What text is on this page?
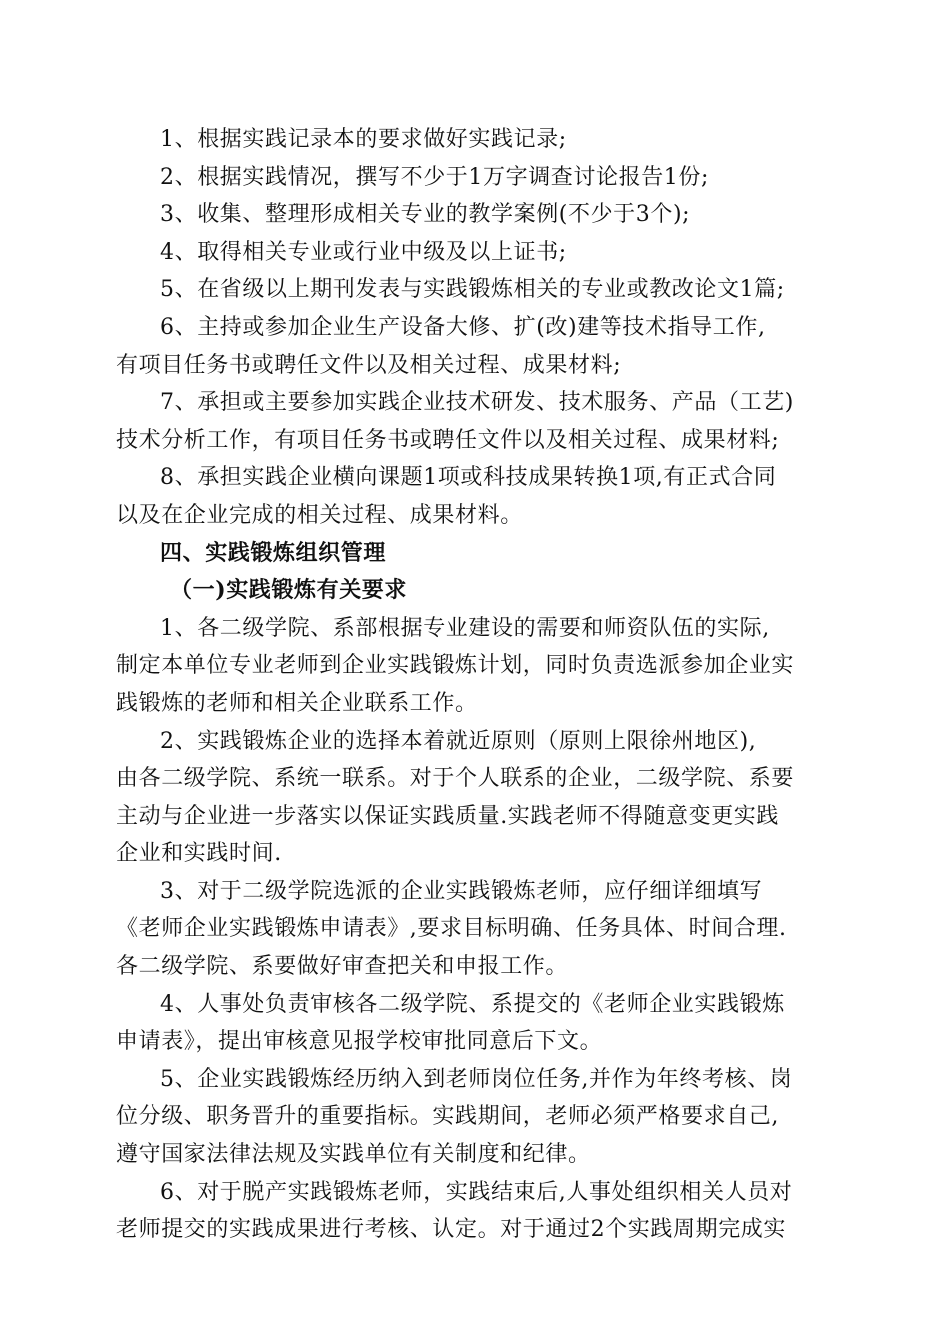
1、根据实践记录本的要求做好实践记录;
2、根据实践情况，撰写不少于1万字调查讨论报告1份;
3、收集、整理形成相关专业的教学案例(不少于3个);
4、取得相关专业或行业中级及以上证书;
5、在省级以上期刊发表与实践锻炼相关的专业或教改论文1篇;
6、主持或参加企业生产设备大修、扩(改)建等技术指导工作,
有项目任务书或聘任文件以及相关过程、成果材料;
7、承担或主要参加实践企业技术研发、技术服务、产品（工艺)
技术分析工作，有项目任务书或聘任文件以及相关过程、成果材料;
8、承担实践企业横向课题1项或科技成果转换1项,有正式合同
以及在企业完成的相关过程、成果材料。
四、实践锻炼组织管理
（一)实践锻炼有关要求
1、各二级学院、系部根据专业建设的需要和师资队伍的实际,
制定本单位专业老师到企业实践锻炼计划，同时负责选派参加企业实
践锻炼的老师和相关企业联系工作。
2、实践锻炼企业的选择本着就近原则（原则上限徐州地区),
由各二级学院、系统一联系。对于个人联系的企业，二级学院、系要
主动与企业进一步落实以保证实践质量.实践老师不得随意变更实践
企业和实践时间.
3、对于二级学院选派的企业实践锻炼老师，应仔细详细填写
《老师企业实践锻炼申请表》,要求目标明确、任务具体、时间合理.
各二级学院、系要做好审查把关和申报工作。
4、人事处负责审核各二级学院、系提交的《老师企业实践锻炼
申请表》，提出审核意见报学校审批同意后下文。
5、企业实践锻炼经历纳入到老师岗位任务,并作为年终考核、岗
位分级、职务晋升的重要指标。实践期间，老师必须严格要求自己,
遵守国家法律法规及实践单位有关制度和纪律。
6、对于脱产实践锻炼老师，实践结束后,人事处组织相关人员对
老师提交的实践成果进行考核、认定。对于通过2个实践周期完成实
